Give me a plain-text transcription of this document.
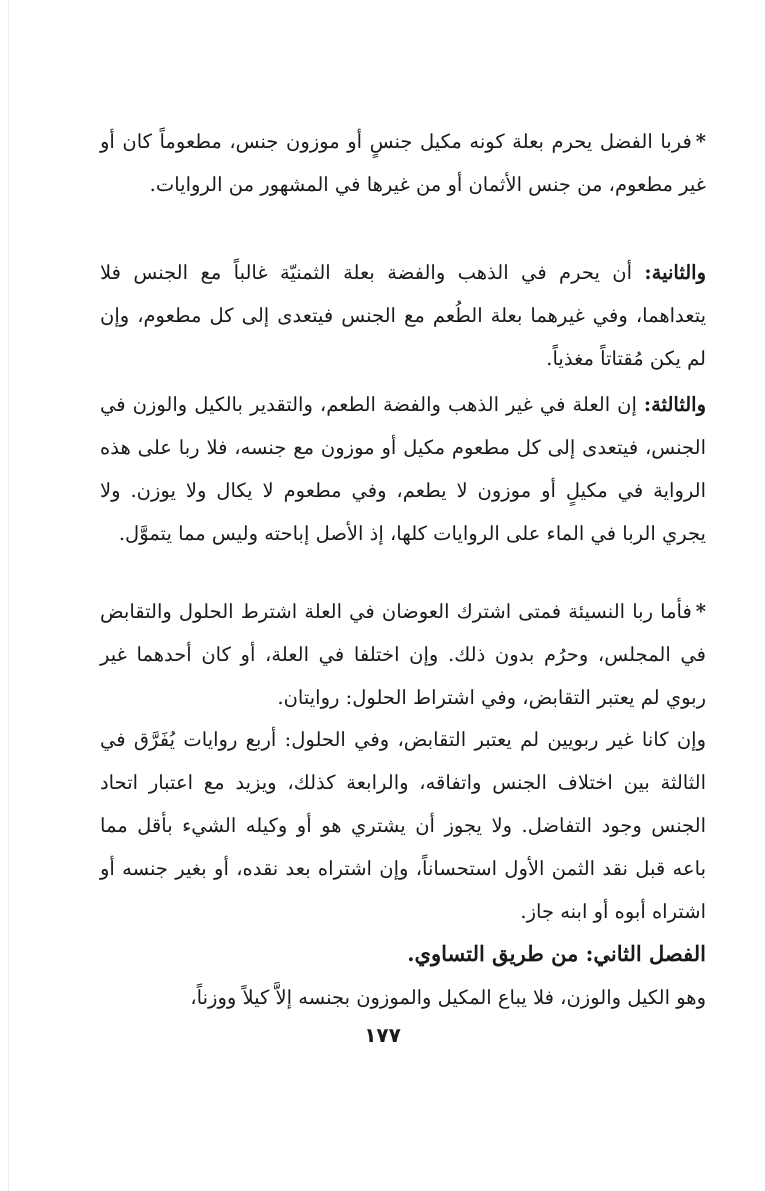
*فربا الفضل يحرم بعلة كونه مكيل جنسٍ أو موزون جنس، مطعوماً كان أو غير مطعوم، من جنس الأثمان أو من غيرها في المشهور من الروايات.

والثانية: أن يحرم في الذهب والفضة بعلة الثمنيّة غالباً مع الجنس فلا يتعداهما، وفي غيرهما بعلة الطُعم مع الجنس فيتعدى إلى كل مطعوم، وإن لم يكن مُقتاتاً مغذياً.

والثالثة: إن العلة في غير الذهب والفضة الطعم، والتقدير بالكيل والوزن في الجنس، فيتعدى إلى كل مطعوم مكيل أو موزون مع جنسه، فلا ربا على هذه الرواية في مكيلٍ أو موزون لا يطعم، وفي مطعوم لا يكال ولا يوزن. ولا يجري الربا في الماء على الروايات كلها، إذ الأصل إباحته وليس مما يتموَّل.

*فأما ربا النسيئة فمتى اشترك العوضان في العلة اشترط الحلول والتقابض في المجلس، وحرُم بدون ذلك. وإن اختلفا في العلة، أو كان أحدهما غير ربوي لم يعتبر التقابض، وفي اشتراط الحلول: روايتان.

وإن كانا غير ربويين لم يعتبر التقابض، وفي الحلول: أربع روايات يُفَرَّق في الثالثة بين اختلاف الجنس واتفاقه، والرابعة كذلك، ويزيد مع اعتبار اتحاد الجنس وجود التفاضل. ولا يجوز أن يشتري هو أو وكيله الشيء بأقل مما باعه قبل نقد الثمن الأول استحساناً، وإن اشتراه بعد نقده، أو بغير جنسه أو اشتراه أبوه أو ابنه جاز.

الفصل الثاني: من طريق التساوي.

وهو الكيل والوزن، فلا يباع المكيل والموزون بجنسه إلاَّ كيلاً ووزناً،

١٧٧
